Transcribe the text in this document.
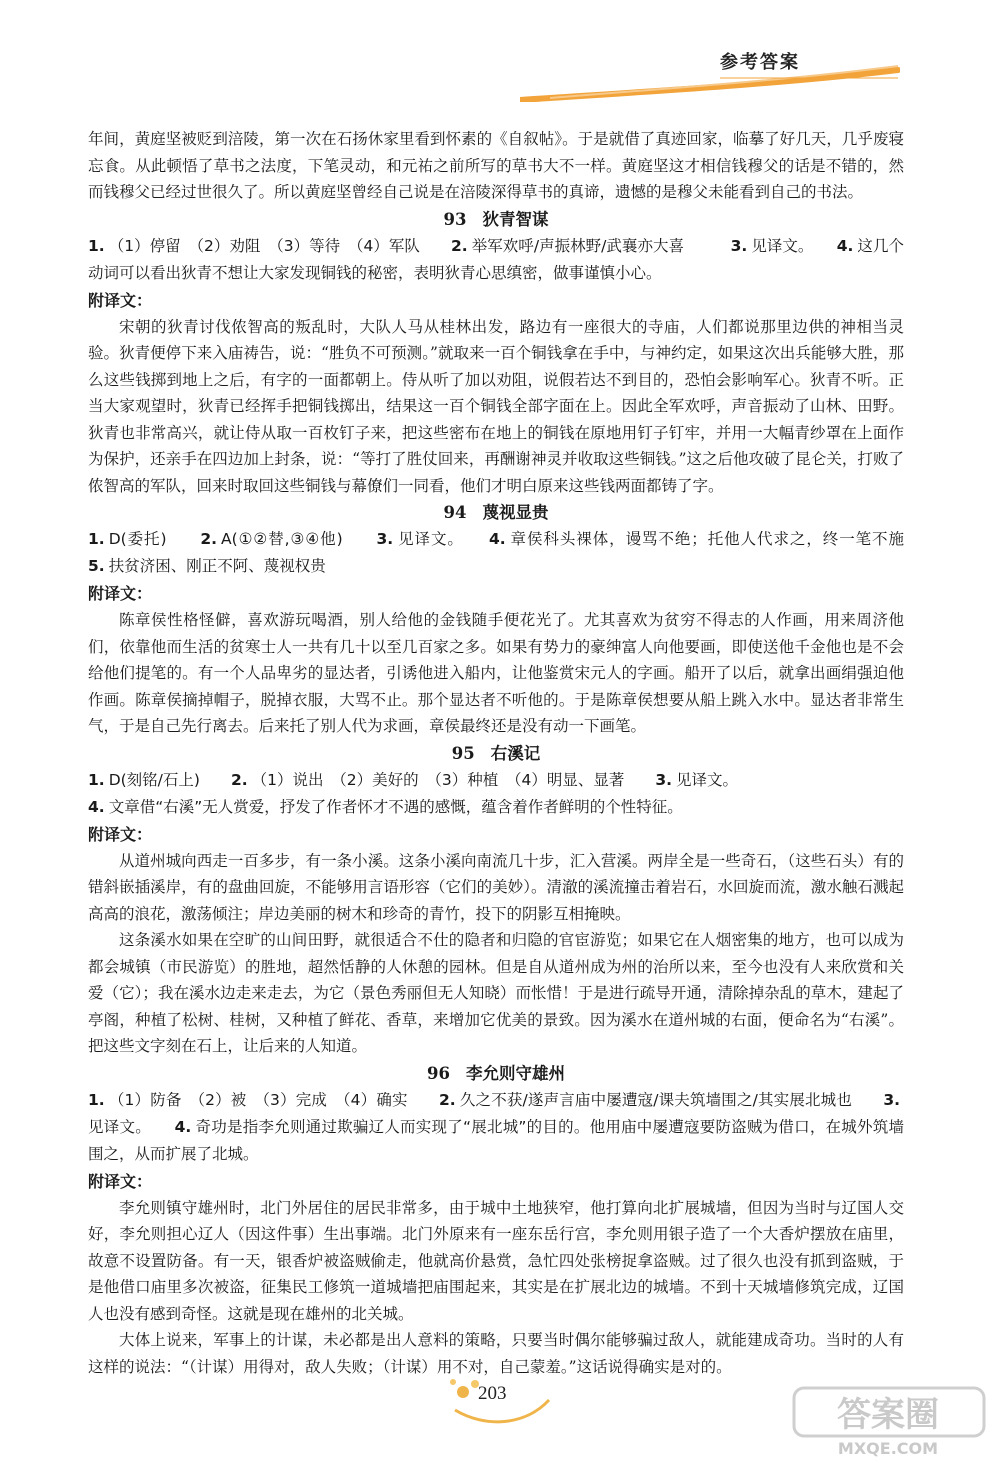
参考答案

年间，黄庭坚被贬到涪陵，第一次在石扬休家里看到怀素的《自叙帖》。于是就借了真迹回家，临摹了好几天，几乎废寝忘食。从此顿悟了草书之法度，下笔灵动，和元祐之前所写的草书大不一样。黄庭坚这才相信钱穆父的话是不错的，然而钱穆父已经过世很久了。所以黄庭坚曾经自己说是在涪陵深得草书的真谛，遗憾的是穆父未能看到自己的书法。

93 狄青智谋

1. （1）停留　（2）劝阻　（3）等待　（4）军队　　2. 举军欢呼/声振林野/武襄亦大喜　　　3. 见译文。　　4. 这几个动词可以看出狄青不想让大家发现铜钱的秘密，表明狄青心思缜密，做事谨慎小心。

附译文：

宋朝的狄青讨伐侬智高的叛乱时，大队人马从桂林出发，路边有一座很大的寺庙，人们都说那里边供的神相当灵验。狄青便停下来入庙祷告，说：“胜负不可预测。”就取来一百个铜钱拿在手中，与神约定，如果这次出兵能够大胜，那么这些钱掷到地上之后，有字的一面都朝上。侍从听了加以劝阻，说假若达不到目的，恐怕会影响军心。狄青不听。正当大家观望时，狄青已经挥手把铜钱掷出，结果这一百个铜钱全部字面在上。因此全军欢呼，声音振动了山林、田野。狄青也非常高兴，就让侍从取一百枚钉子来，把这些密布在地上的铜钱在原地用钉子钉牢，并用一大幅青纱罩在上面作为保护，还亲手在四边加上封条，说：“等打了胜仗回来，再酬谢神灵并收取这些铜钱。”这之后他攻破了昆仑关，打败了侬智高的军队，回来时取回这些铜钱与幕僚们一同看，他们才明白原来这些钱两面都铸了字。

94 蔑视显贵

1. D(委托)　　2. A(①②替,③④他)　　3. 见译文。　　4. 章侯科头裸体，谩骂不绝；托他人代求之，终一笔不施　　5. 扶贫济困、刚正不阿、蔑视权贵

附译文：

陈章侯性格怪僻，喜欢游玩喝酒，别人给他的金钱随手便花光了。尤其喜欢为贫穷不得志的人作画，用来周济他们，依靠他而生活的贫寒士人一共有几十以至几百家之多。如果有势力的豪绅富人向他要画，即使送他千金他也是不会给他们提笔的。有一个人品卑劣的显达者，引诱他进入船内，让他鉴赏宋元人的字画。船开了以后，就拿出画绢强迫他作画。陈章侯摘掉帽子，脱掉衣服，大骂不止。那个显达者不听他的。于是陈章侯想要从船上跳入水中。显达者非常生气，于是自己先行离去。后来托了别人代为求画，章侯最终还是没有动一下画笔。

95 右溪记

1. D(刻铭/石上)　　2. （1）说出　（2）美好的　（3）种植　（4）明显、显著　　3. 见译文。

4. 文章借“右溪”无人赏爱，抒发了作者怀才不遇的感慨，蕴含着作者鲜明的个性特征。

附译文：

从道州城向西走一百多步，有一条小溪。这条小溪向南流几十步，汇入营溪。两岸全是一些奇石，（这些石头）有的错斜嵌插溪岸，有的盘曲回旋，不能够用言语形容（它们的美妙）。清澈的溪流撞击着岩石，水回旋而流，激水触石溅起高高的浪花，激荡倾注；岸边美丽的树木和珍奇的青竹，投下的阴影互相掩映。

这条溪水如果在空旷的山间田野，就很适合不仕的隐者和归隐的官宦游览；如果它在人烟密集的地方，也可以成为都会城镇（市民游览）的胜地，超然恬静的人休憩的园林。但是自从道州成为州的治所以来，至今也没有人来欣赏和关爱（它）；我在溪水边走来走去，为它（景色秀丽但无人知晓）而怅惜！于是进行疏导开通，清除掉杂乱的草木，建起了亭阁，种植了松树、桂树，又种植了鲜花、香草，来增加它优美的景致。因为溪水在道州城的右面，便命名为“右溪”。把这些文字刻在石上，让后来的人知道。

96 李允则守雄州

1. （1）防备　（2）被　（3）完成　（4）确实　　2. 久之不获/遂声言庙中屡遭寇/课夫筑墙围之/其实展北城也　　3.见译文。　　4. 奇功是指李允则通过欺骗辽人而实现了“展北城”的目的。他用庙中屡遭寇要防盗贼为借口，在城外筑墙围之，从而扩展了北城。

附译文：

李允则镇守雄州时，北门外居住的居民非常多，由于城中土地狭窄，他打算向北扩展城墙，但因为当时与辽国人交好，李允则担心辽人（因这件事）生出事端。北门外原来有一座东岳行宫，李允则用银子造了一个大香炉摆放在庙里，故意不设置防备。有一天，银香炉被盗贼偷走，他就高价悬赏，急忙四处张榜捉拿盗贼。过了很久也没有抓到盗贼，于是他借口庙里多次被盗，征集民工修筑一道城墙把庙围起来，其实是在扩展北边的城墙。不到十天城墙修筑完成，辽国人也没有感到奇怪。这就是现在雄州的北关城。

大体上说来，军事上的计谋，未必都是出人意料的策略，只要当时偶尔能够骗过敌人，就能建成奇功。当时的人有这样的说法：“（计谋）用得对，敌人失败；（计谋）用不对，自己蒙羞。”这话说得确实是对的。

203
答案圈
MXQE.COM
